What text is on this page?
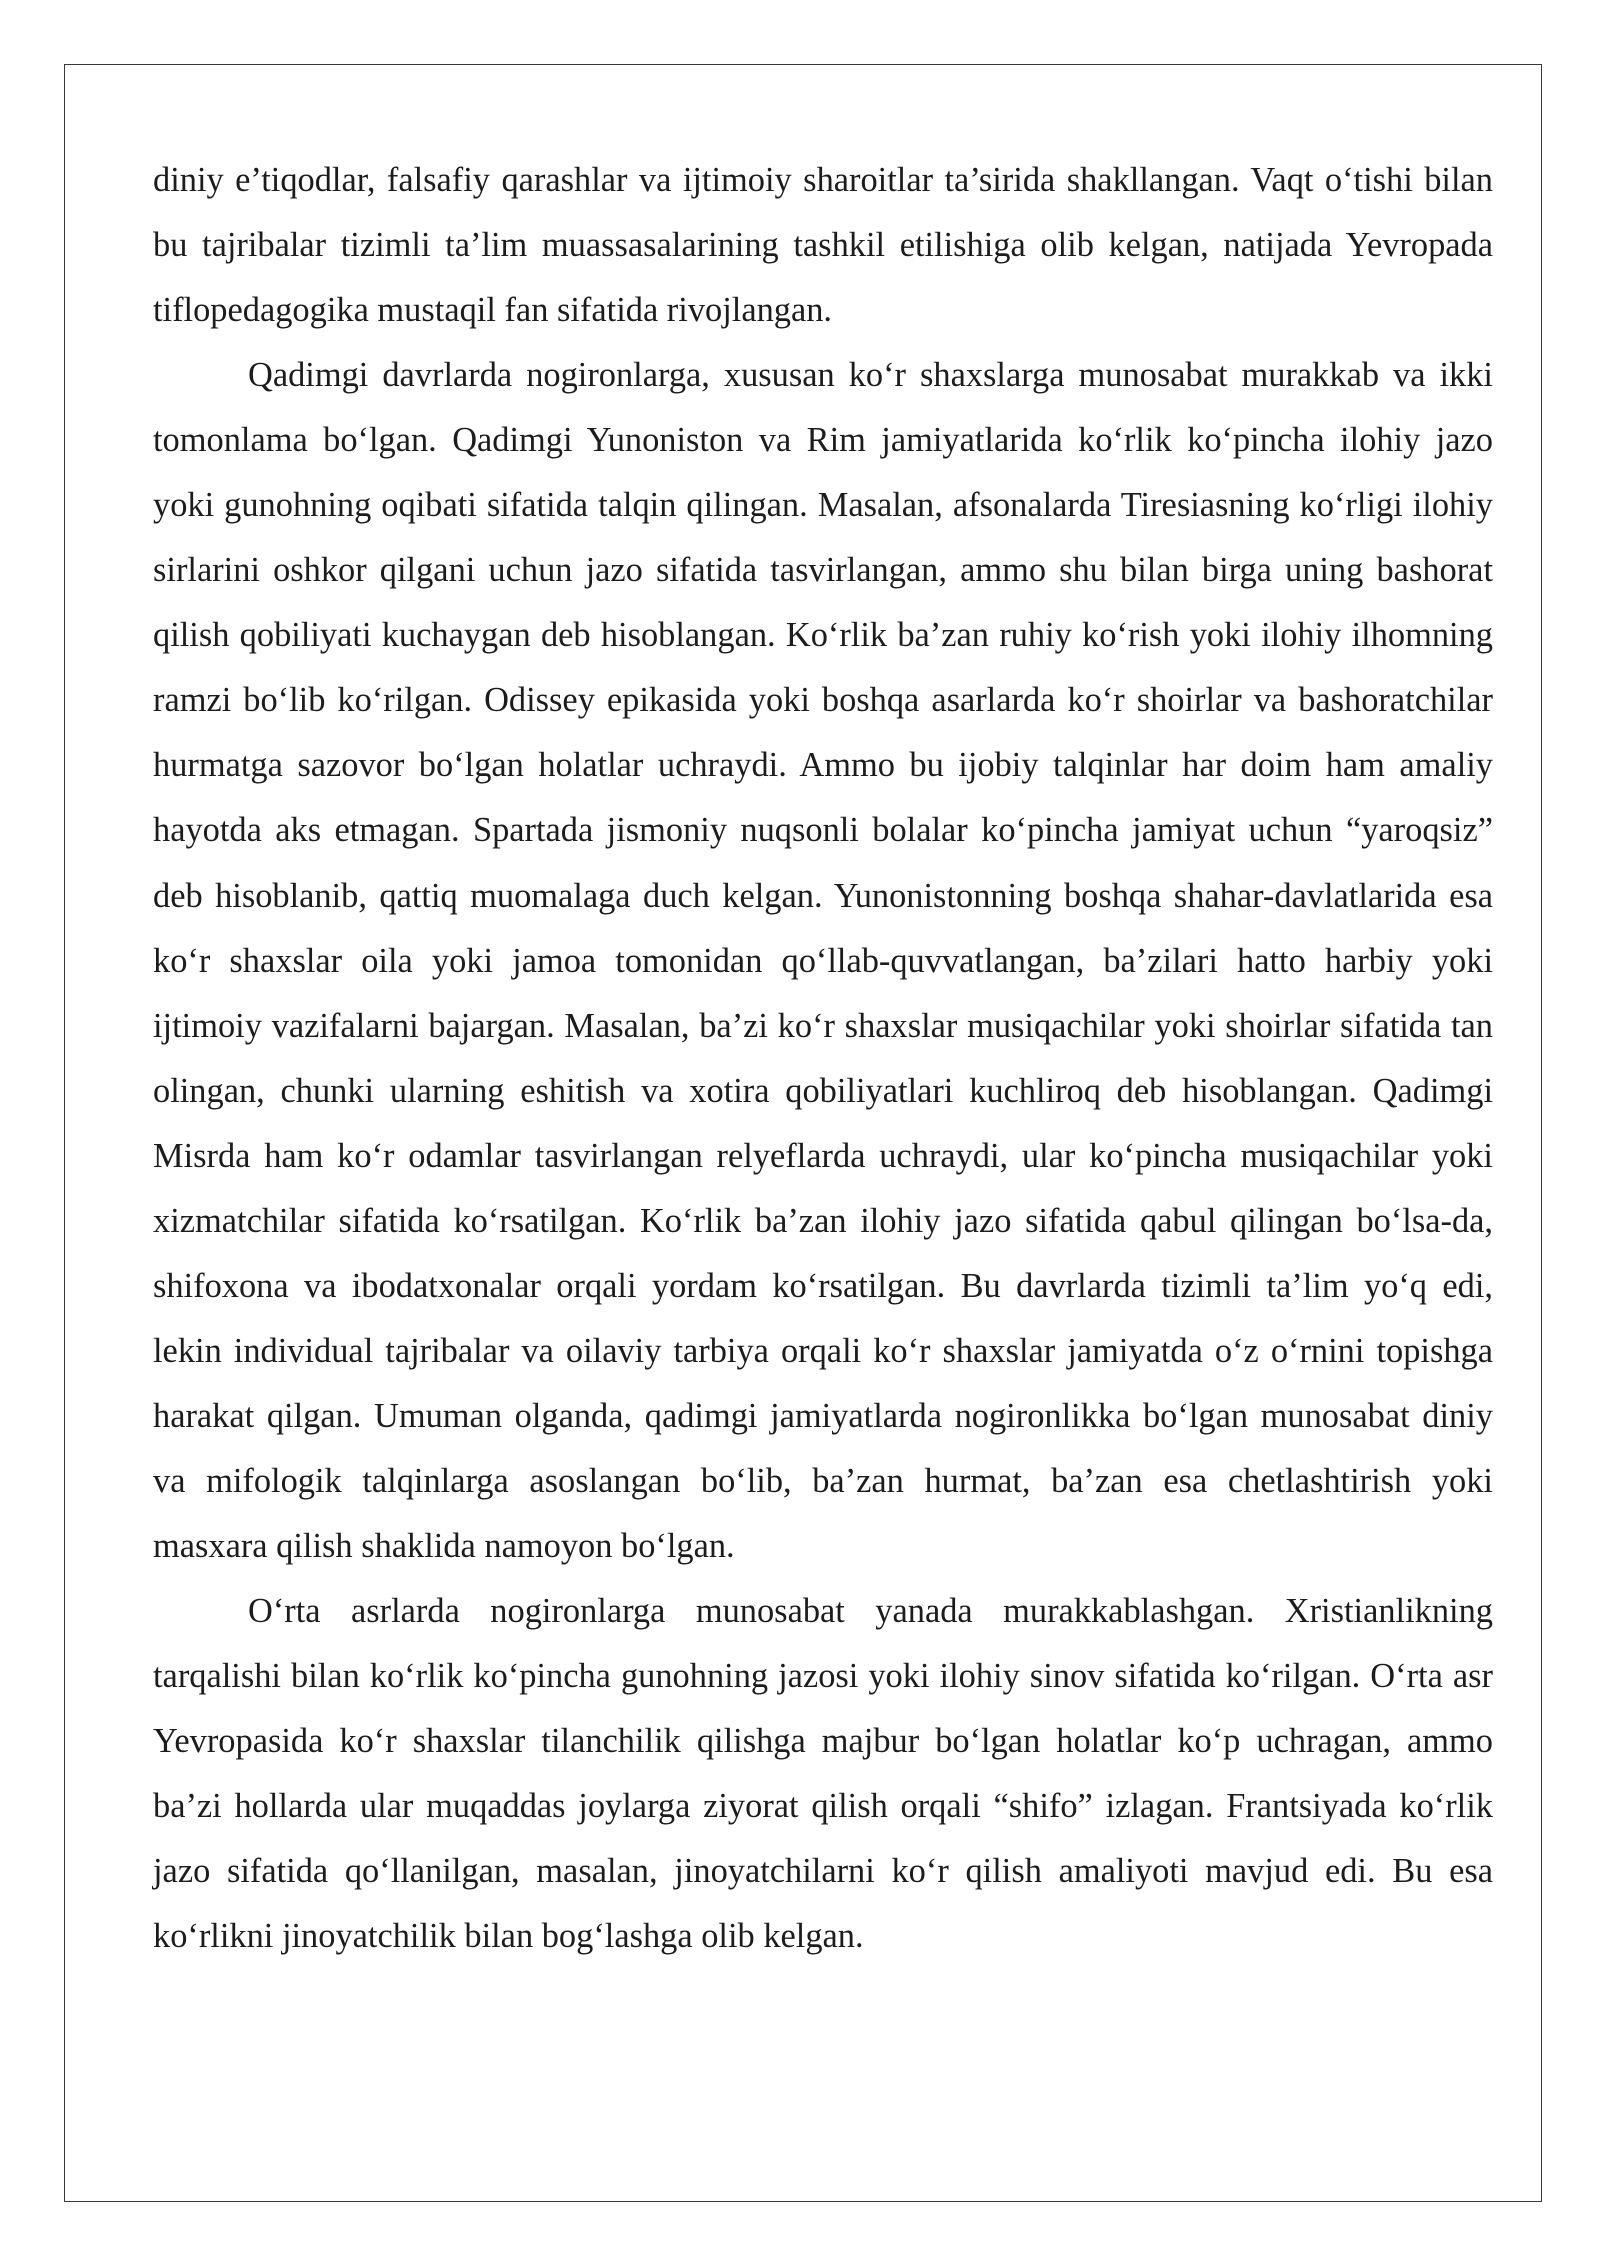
diniy e’tiqodlar, falsafiy qarashlar va ijtimoiy sharoitlar ta’sirida shakllangan. Vaqt o‘tishi bilan bu tajribalar tizimli ta’lim muassasalarining tashkil etilishiga olib kelgan, natijada Yevropada tiflopedagogika mustaqil fan sifatida rivojlangan.

Qadimgi davrlarda nogironlarga, xususan ko‘r shaxslarga munosabat murakkab va ikki tomonlama bo‘lgan. Qadimgi Yunoniston va Rim jamiyatlarida ko‘rlik ko‘pincha ilohiy jazo yoki gunohning oqibati sifatida talqin qilingan. Masalan, afsonalarda Tiresiasning ko‘rligi ilohiy sirlarini oshkor qilgani uchun jazo sifatida tasvirlangan, ammo shu bilan birga uning bashorat qilish qobiliyati kuchaygan deb hisoblangan. Ko‘rlik ba’zan ruhiy ko‘rish yoki ilohiy ilhomning ramzi bo‘lib ko‘rilgan. Odissey epikasida yoki boshqa asarlarda ko‘r shoirlar va bashoratchilar hurmatga sazovor bo‘lgan holatlar uchraydi. Ammo bu ijobiy talqinlar har doim ham amaliy hayotda aks etmagan. Spartada jismoniy nuqsonli bolalar ko‘pincha jamiyat uchun “yaroqsiz” deb hisoblanib, qattiq muomalaga duch kelgan. Yunonistonning boshqa shahar-davlatlarida esa ko‘r shaxslar oila yoki jamoa tomonidan qo‘llab-quvvatlangan, ba’zilari hatto harbiy yoki ijtimoiy vazifalarni bajargan. Masalan, ba’zi ko‘r shaxslar musiqachilar yoki shoirlar sifatida tan olingan, chunki ularning eshitish va xotira qobiliyatlari kuchliroq deb hisoblangan. Qadimgi Misrda ham ko‘r odamlar tasvirlangan relyeflarda uchraydi, ular ko‘pincha musiqachilar yoki xizmatchilar sifatida ko‘rsatilgan. Ko‘rlik ba’zan ilohiy jazo sifatida qabul qilingan bo‘lsa-da, shifoxona va ibodatxonalar orqali yordam ko‘rsatilgan. Bu davrlarda tizimli ta’lim yo‘q edi, lekin individual tajribalar va oilaviy tarbiya orqali ko‘r shaxslar jamiyatda o‘z o‘rnini topishga harakat qilgan. Umuman olganda, qadimgi jamiyatlarda nogironlikka bo‘lgan munosabat diniy va mifologik talqinlarga asoslangan bo‘lib, ba’zan hurmat, ba’zan esa chetlashtirish yoki masxara qilish shaklida namoyon bo‘lgan.

O‘rta asrlarda nogironlarga munosabat yanada murakkablashgan. Xristianlikning tarqalishi bilan ko‘rlik ko‘pincha gunohning jazosi yoki ilohiy sinov sifatida ko‘rilgan. O‘rta asr Yevropasida ko‘r shaxslar tilanchilik qilishga majbur bo‘lgan holatlar ko‘p uchragan, ammo ba’zi hollarda ular muqaddas joylarga ziyorat qilish orqali “shifo” izlagan. Frantsiyada ko‘rlik jazo sifatida qo‘llanilgan, masalan, jinoyatchilarni ko‘r qilish amaliyoti mavjud edi. Bu esa ko‘rlikni jinoyatchilik bilan bog‘lashga olib kelgan.
